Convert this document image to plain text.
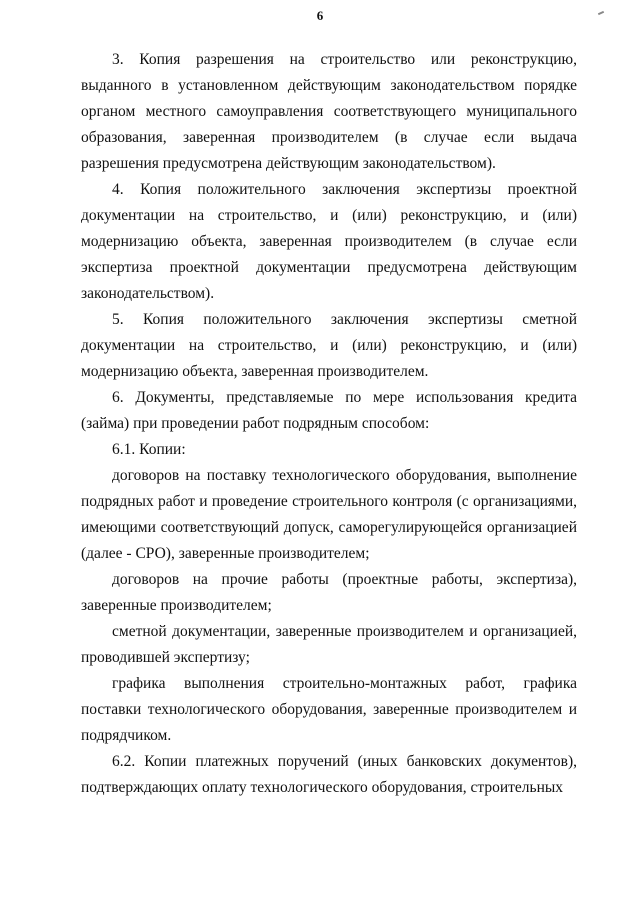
6

3. Копия разрешения на строительство или реконструкцию, выданного в установленном действующим законодательством порядке органом местного самоуправления соответствующего муниципального образования, заверенная производителем (в случае если выдача разрешения предусмотрена действующим законодательством).

4. Копия положительного заключения экспертизы проектной документации на строительство, и (или) реконструкцию, и (или) модернизацию объекта, заверенная производителем (в случае если экспертиза проектной документации предусмотрена действующим законодательством).

5. Копия положительного заключения экспертизы сметной документации на строительство, и (или) реконструкцию, и (или) модернизацию объекта, заверенная производителем.

6. Документы, представляемые по мере использования кредита (займа) при проведении работ подрядным способом:

6.1. Копии:

договоров на поставку технологического оборудования, выполнение подрядных работ и проведение строительного контроля (с организациями, имеющими соответствующий допуск, саморегулирующейся организацией (далее - СРО), заверенные производителем;

договоров на прочие работы (проектные работы, экспертиза), заверенные производителем;

сметной документации, заверенные производителем и организацией, проводившей экспертизу;

графика выполнения строительно-монтажных работ, графика поставки технологического оборудования, заверенные производителем и подрядчиком.

6.2. Копии платежных поручений (иных банковских документов), подтверждающих оплату технологического оборудования, строительных
